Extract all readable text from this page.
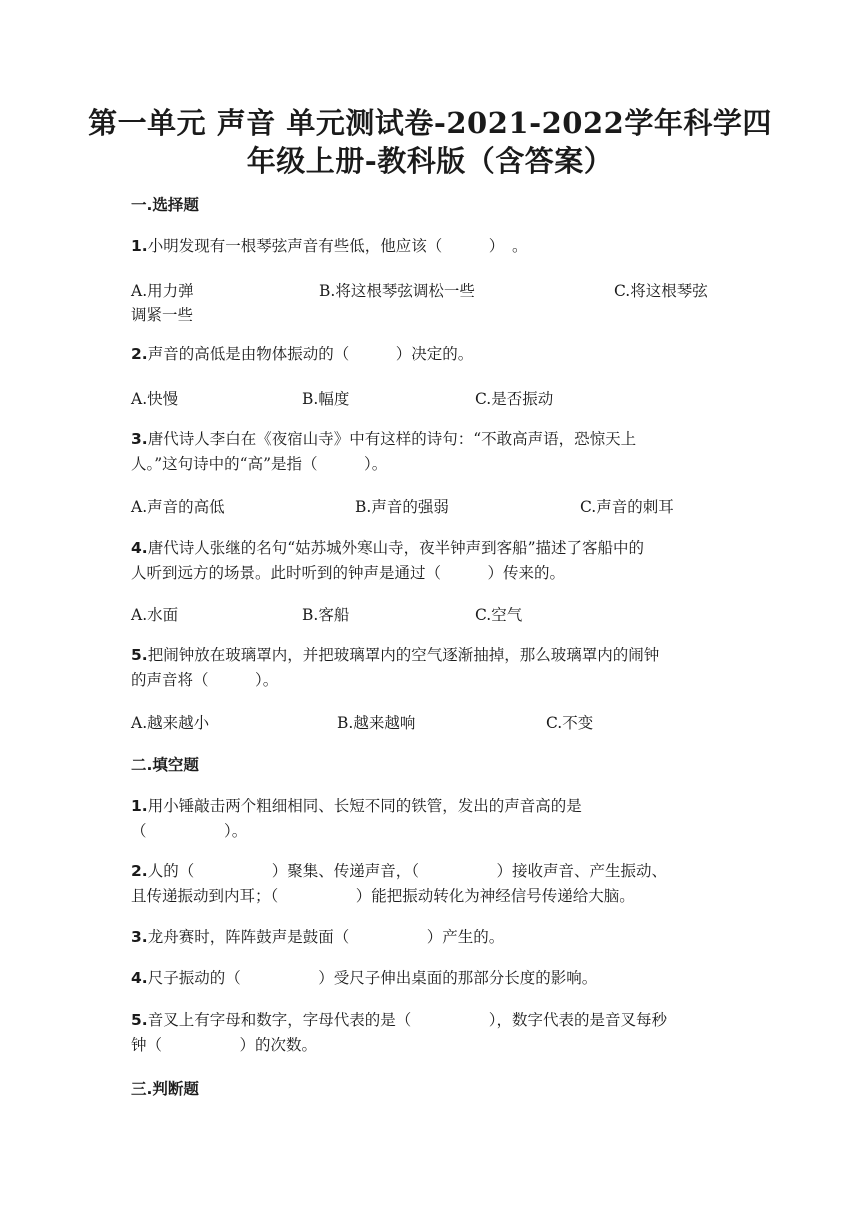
第一单元 声音 单元测试卷-2021-2022学年科学四
年级上册-教科版（含答案）
一.选择题
1.小明发现有一根琴弦声音有些低，他应该（　　　）　。
A.用力弹	B.将这根琴弦调松一些	C.将这根琴弦
调紧一些
2.声音的高低是由物体振动的（　　　）决定的。
A.快慢	B.幅度	C.是否振动
3.唐代诗人李白在《夜宿山寺》中有这样的诗句：“不敢高声语，恐惊天上
人。”这句诗中的“高”是指（　　　）。
A.声音的高低	B.声音的强弱	C.声音的刺耳
4.唐代诗人张继的名句“姑苏城外寒山寺，夜半钟声到客船”描述了客船中的
人听到远方的场景。此时听到的钟声是通过（　　　）传来的。
A.水面	B.客船	C.空气
5.把闹钟放在玻璃罩内，并把玻璃罩内的空气逐渐抽掉，那么玻璃罩内的闹钟
的声音将（　　　）。
A.越来越小	B.越来越响	C.不变
二.填空题
1.用小锤敲击两个粗细相同、长短不同的铁管，发出的声音高的是
（　　　　　）。
2.人的（　　　　　）聚集、传递声音，（　　　　　）接收声音、产生振动、
且传递振动到内耳；（　　　　　）能把振动转化为神经信号传递给大脑。
3.龙舟赛时，阵阵鼓声是鼓面（　　　　　）产生的。
4.尺子振动的（　　　　　）受尺子伸出桌面的那部分长度的影响。
5.音叉上有字母和数字，字母代表的是（　　　　　），数字代表的是音叉每秒
钟（　　　　　）的次数。
三.判断题
